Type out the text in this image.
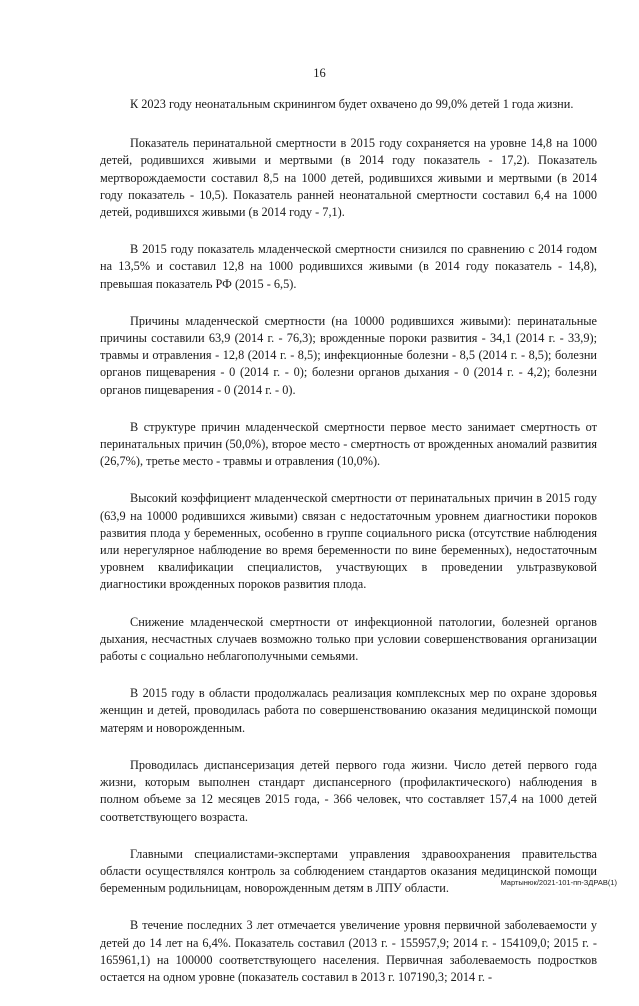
16

К 2023 году неонатальным скринингом будет охвачено до 99,0% детей 1 года жизни.

Показатель перинатальной смертности в 2015 году сохраняется на уровне 14,8 на 1000 детей, родившихся живыми и мертвыми (в 2014 году показатель - 17,2). Показатель мертворождаемости составил 8,5 на 1000 детей, родившихся живыми и мертвыми (в 2014 году показатель - 10,5). Показатель ранней неонатальной смертности составил 6,4 на 1000 детей, родившихся живыми (в 2014 году - 7,1).

В 2015 году показатель младенческой смертности снизился по сравнению с 2014 годом на 13,5% и составил 12,8 на 1000 родившихся живыми (в 2014 году показатель - 14,8), превышая показатель РФ (2015 - 6,5).

Причины младенческой смертности (на 10000 родившихся живыми): перинатальные причины составили 63,9 (2014 г. - 76,3); врожденные пороки развития - 34,1 (2014 г. - 33,9); травмы и отравления - 12,8 (2014 г. - 8,5); инфекционные болезни - 8,5 (2014 г. - 8,5); болезни органов пищеварения - 0 (2014 г. - 0); болезни органов дыхания - 0 (2014 г. - 4,2); болезни органов пищеварения - 0 (2014 г. - 0).

В структуре причин младенческой смертности первое место занимает смертность от перинатальных причин (50,0%), второе место - смертность от врожденных аномалий развития (26,7%), третье место - травмы и отравления (10,0%).

Высокий коэффициент младенческой смертности от перинатальных причин в 2015 году (63,9 на 10000 родившихся живыми) связан с недостаточным уровнем диагностики пороков развития плода у беременных, особенно в группе социального риска (отсутствие наблюдения или нерегулярное наблюдение во время беременности по вине беременных), недостаточным уровнем квалификации специалистов, участвующих в проведении ультразвуковой диагностики врожденных пороков развития плода.

Снижение младенческой смертности от инфекционной патологии, болезней органов дыхания, несчастных случаев возможно только при условии совершенствования организации работы с социально неблагополучными семьями.

В 2015 году в области продолжалась реализация комплексных мер по охране здоровья женщин и детей, проводилась работа по совершенствованию оказания медицинской помощи матерям и новорожденным.

Проводилась диспансеризация детей первого года жизни. Число детей первого года жизни, которым выполнен стандарт диспансерного (профилактического) наблюдения в полном объеме за 12 месяцев 2015 года, - 366 человек, что составляет 157,4 на 1000 детей соответствующего возраста.

Главными специалистами-экспертами управления здравоохранения правительства области осуществлялся контроль за соблюдением стандартов оказания медицинской помощи беременным родильницам, новорожденным детям в ЛПУ области.

В течение последних 3 лет отмечается увеличение уровня первичной заболеваемости у детей до 14 лет на 6,4%. Показатель составил (2013 г. - 155957,9; 2014 г. - 154109,0; 2015 г. - 165961,1) на 100000 соответствующего населения. Первичная заболеваемость подростков остается на одном уровне (показатель составил в 2013 г. 107190,3; 2014 г. -

Мартынюк/2021-101-пп-ЗДРАВ(1)
